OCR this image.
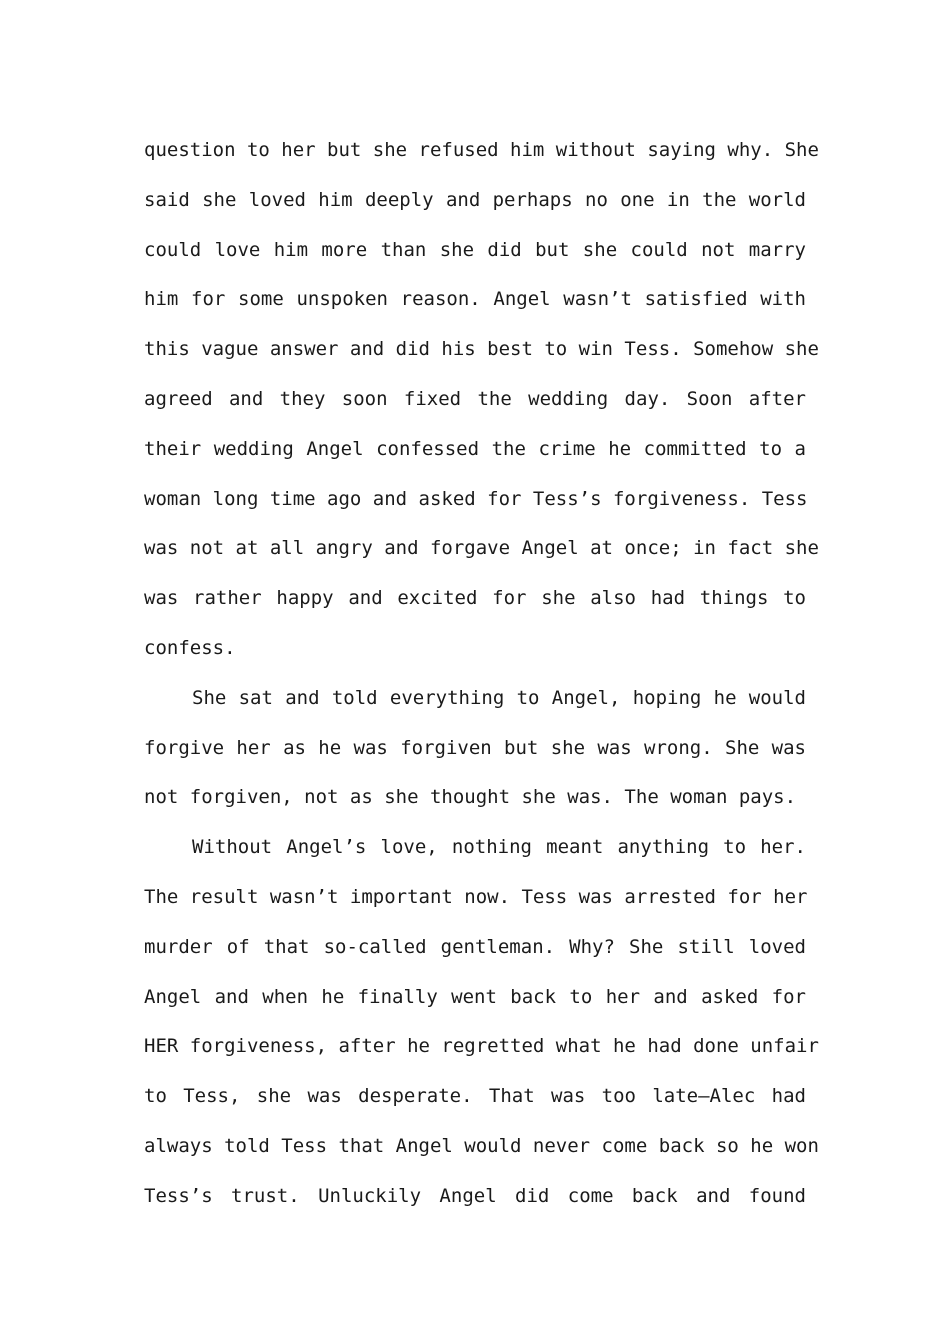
question to her but she refused him without saying why. She
said she loved him deeply and perhaps no one in the world
could love him more than she did but she could not marry
him for some unspoken reason. Angel wasn’t satisfied with
this vague answer and did his best to win Tess. Somehow she
agreed and they soon fixed the wedding day. Soon after
their wedding Angel confessed the crime he committed to a
woman long time ago and asked for Tess’s forgiveness. Tess
was not at all angry and forgave Angel at once; in fact she
was rather happy and excited for she also had things to
confess.
She sat and told everything to Angel, hoping he would
forgive her as he was forgiven but she was wrong. She was
not forgiven, not as she thought she was. The woman pays.
Without Angel’s love, nothing meant anything to her.
The result wasn’t important now. Tess was arrested for her
murder of that so-called gentleman. Why? She still loved
Angel and when he finally went back to her and asked for
HER forgiveness, after he regretted what he had done unfair
to Tess, she was desperate. That was too late—Alec had
always told Tess that Angel would never come back so he won
Tess’s trust. Unluckily Angel did come back and found
